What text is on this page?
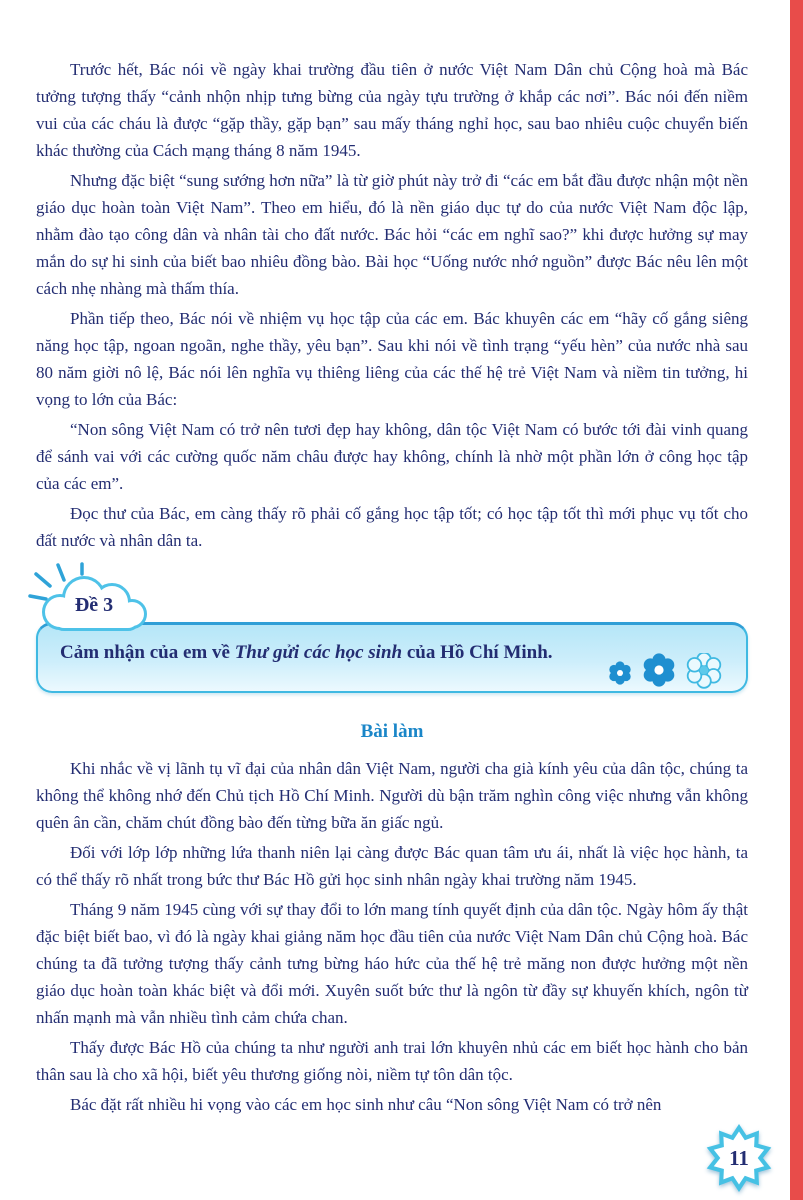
Trước hết, Bác nói về ngày khai trường đầu tiên ở nước Việt Nam Dân chủ Cộng hoà mà Bác tưởng tượng thấy “cảnh nhộn nhịp tưng bừng của ngày tựu trường ở khắp các nơi”. Bác nói đến niềm vui của các cháu là được “gặp thầy, gặp bạn” sau mấy tháng nghỉ học, sau bao nhiêu cuộc chuyển biến khác thường của Cách mạng tháng 8 năm 1945.

Nhưng đặc biệt “sung sướng hơn nữa” là từ giờ phút này trở đi “các em bắt đầu được nhận một nền giáo dục hoàn toàn Việt Nam”. Theo em hiểu, đó là nền giáo dục tự do của nước Việt Nam độc lập, nhằm đào tạo công dân và nhân tài cho đất nước. Bác hỏi “các em nghĩ sao?” khi được hưởng sự may mắn do sự hi sinh của biết bao nhiêu đồng bào. Bài học “Uống nước nhớ nguồn” được Bác nêu lên một cách nhẹ nhàng mà thấm thía.

Phần tiếp theo, Bác nói về nhiệm vụ học tập của các em. Bác khuyên các em “hãy cố gắng siêng năng học tập, ngoan ngoãn, nghe thầy, yêu bạn”. Sau khi nói về tình trạng “yếu hèn” của nước nhà sau 80 năm giời nô lệ, Bác nói lên nghĩa vụ thiêng liêng của các thế hệ trẻ Việt Nam và niềm tin tưởng, hi vọng to lớn của Bác:

“Non sông Việt Nam có trở nên tươi đẹp hay không, dân tộc Việt Nam có bước tới đài vinh quang để sánh vai với các cường quốc năm châu được hay không, chính là nhờ một phần lớn ở công học tập của các em”.

Đọc thư của Bác, em càng thấy rõ phải cố gắng học tập tốt; có học tập tốt thì mới phục vụ tốt cho đất nước và nhân dân ta.

Cảm nhận của em về Thư gửi các học sinh của Hồ Chí Minh.
Đề 3
Bài làm

Khi nhắc về vị lãnh tụ vĩ đại của nhân dân Việt Nam, người cha già kính yêu của dân tộc, chúng ta không thể không nhớ đến Chủ tịch Hồ Chí Minh. Người dù bận trăm nghìn công việc nhưng vẫn không quên ân cần, chăm chút đồng bào đến từng bữa ăn giấc ngủ.

Đối với lớp lớp những lứa thanh niên lại càng được Bác quan tâm ưu ái, nhất là việc học hành, ta có thể thấy rõ nhất trong bức thư Bác Hồ gửi học sinh nhân ngày khai trường năm 1945.

Tháng 9 năm 1945 cùng với sự thay đổi to lớn mang tính quyết định của dân tộc. Ngày hôm ấy thật đặc biệt biết bao, vì đó là ngày khai giảng năm học đầu tiên của nước Việt Nam Dân chủ Cộng hoà. Bác chúng ta đã tưởng tượng thấy cảnh tưng bừng háo hức của thế hệ trẻ măng non được hưởng một nền giáo dục hoàn toàn khác biệt và đổi mới. Xuyên suốt bức thư là ngôn từ đầy sự khuyến khích, ngôn từ nhấn mạnh mà vẫn nhiều tình cảm chứa chan.

Thấy được Bác Hồ của chúng ta như người anh trai lớn khuyên nhủ các em biết học hành cho bản thân sau là cho xã hội, biết yêu thương giống nòi, niềm tự tôn dân tộc.

Bác đặt rất nhiều hi vọng vào các em học sinh như câu “Non sông Việt Nam có trở nên

11
